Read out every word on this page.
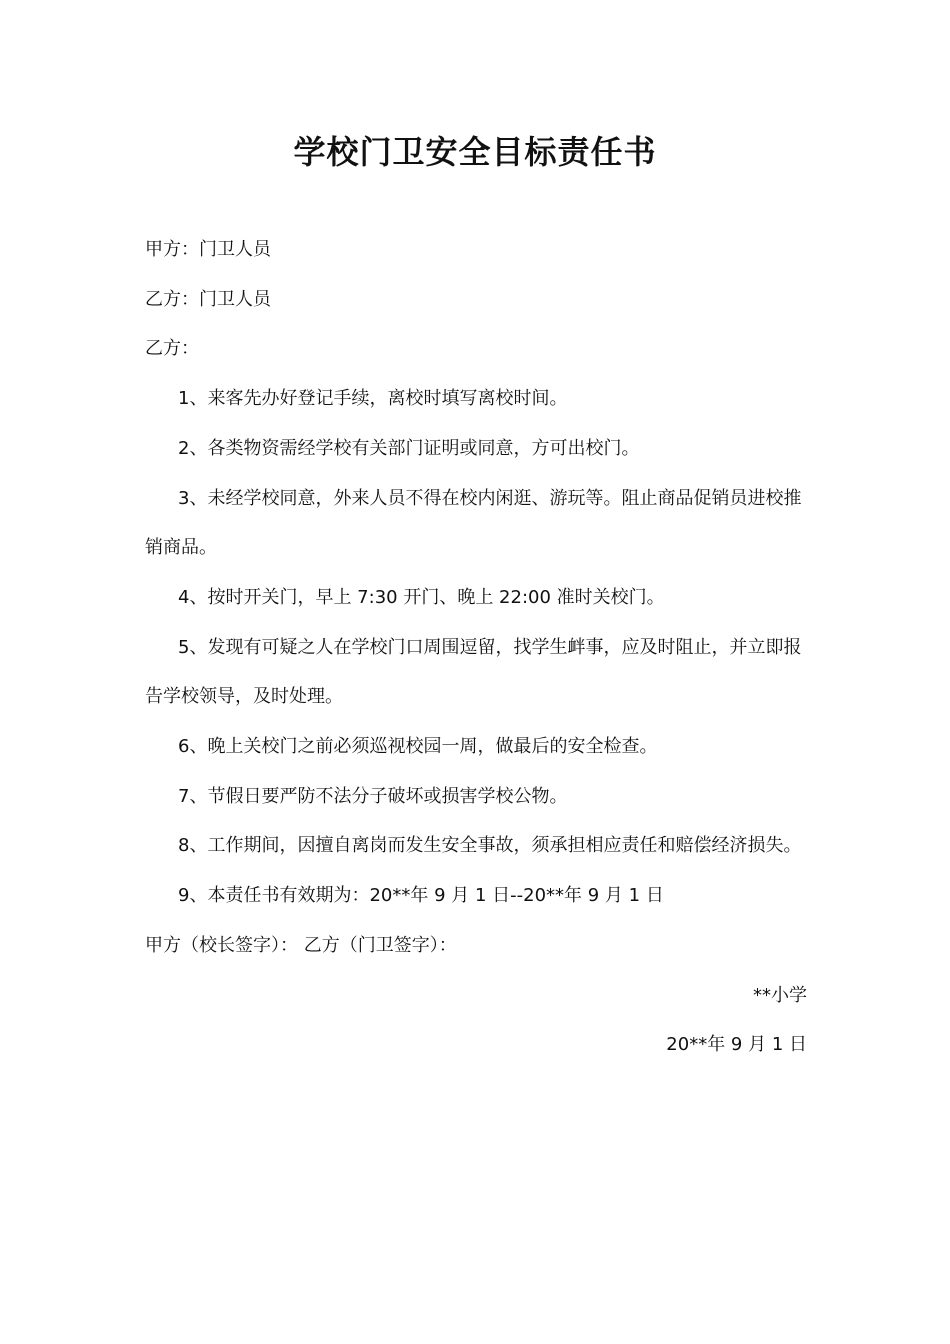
学校门卫安全目标责任书

甲方：门卫人员

乙方：门卫人员

乙方：

1、来客先办好登记手续，离校时填写离校时间。

2、各类物资需经学校有关部门证明或同意，方可出校门。

3、未经学校同意，外来人员不得在校内闲逛、游玩等。阻止商品促销员进校推销商品。

4、按时开关门，早上 7:30 开门、晚上 22:00 准时关校门。

5、发现有可疑之人在学校门口周围逗留，找学生衅事，应及时阻止，并立即报告学校领导，及时处理。

6、晚上关校门之前必须巡视校园一周，做最后的安全检查。

7、节假日要严防不法分子破坏或损害学校公物。

8、工作期间，因擅自离岗而发生安全事故，须承担相应责任和赔偿经济损失。

9、本责任书有效期为：20**年 9 月 1 日--20**年 9 月 1 日

甲方（校长签字）： 乙方（门卫签字）：

**小学

20**年 9 月 1 日
